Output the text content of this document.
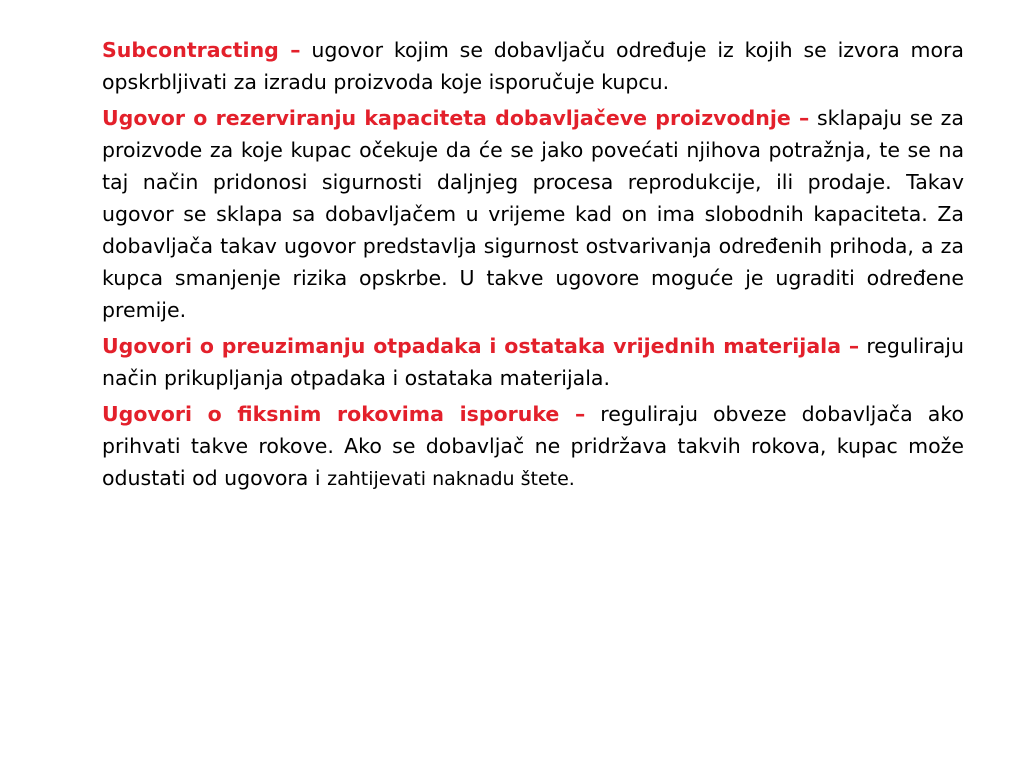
Subcontracting – ugovor kojim se dobavljaču određuje iz kojih se izvora mora opskrbljivati za izradu proizvoda koje isporučuje kupcu.

Ugovor o rezerviranju kapaciteta dobavljačeve proizvodnje – sklapaju se za proizvode za koje kupac očekuje da će se jako povećati njihova potražnja, te se na taj način pridonosi sigurnosti daljnjeg procesa reprodukcije, ili prodaje. Takav ugovor se sklapa sa dobavljačem u vrijeme kad on ima slobodnih kapaciteta. Za dobavljača takav ugovor predstavlja sigurnost ostvarivanja određenih prihoda, a za kupca smanjenje rizika opskrbe. U takve ugovore moguće je ugraditi određene premije.

Ugovori o preuzimanju otpadaka i ostataka vrijednih materijala – reguliraju način prikupljanja otpadaka i ostataka materijala.

Ugovori o fiksnim rokovima isporuke – reguliraju obveze dobavljača ako prihvati takve rokove. Ako se dobavljač ne pridržava takvih rokova, kupac može odustati od ugovora i zahtijevati naknadu štete.
